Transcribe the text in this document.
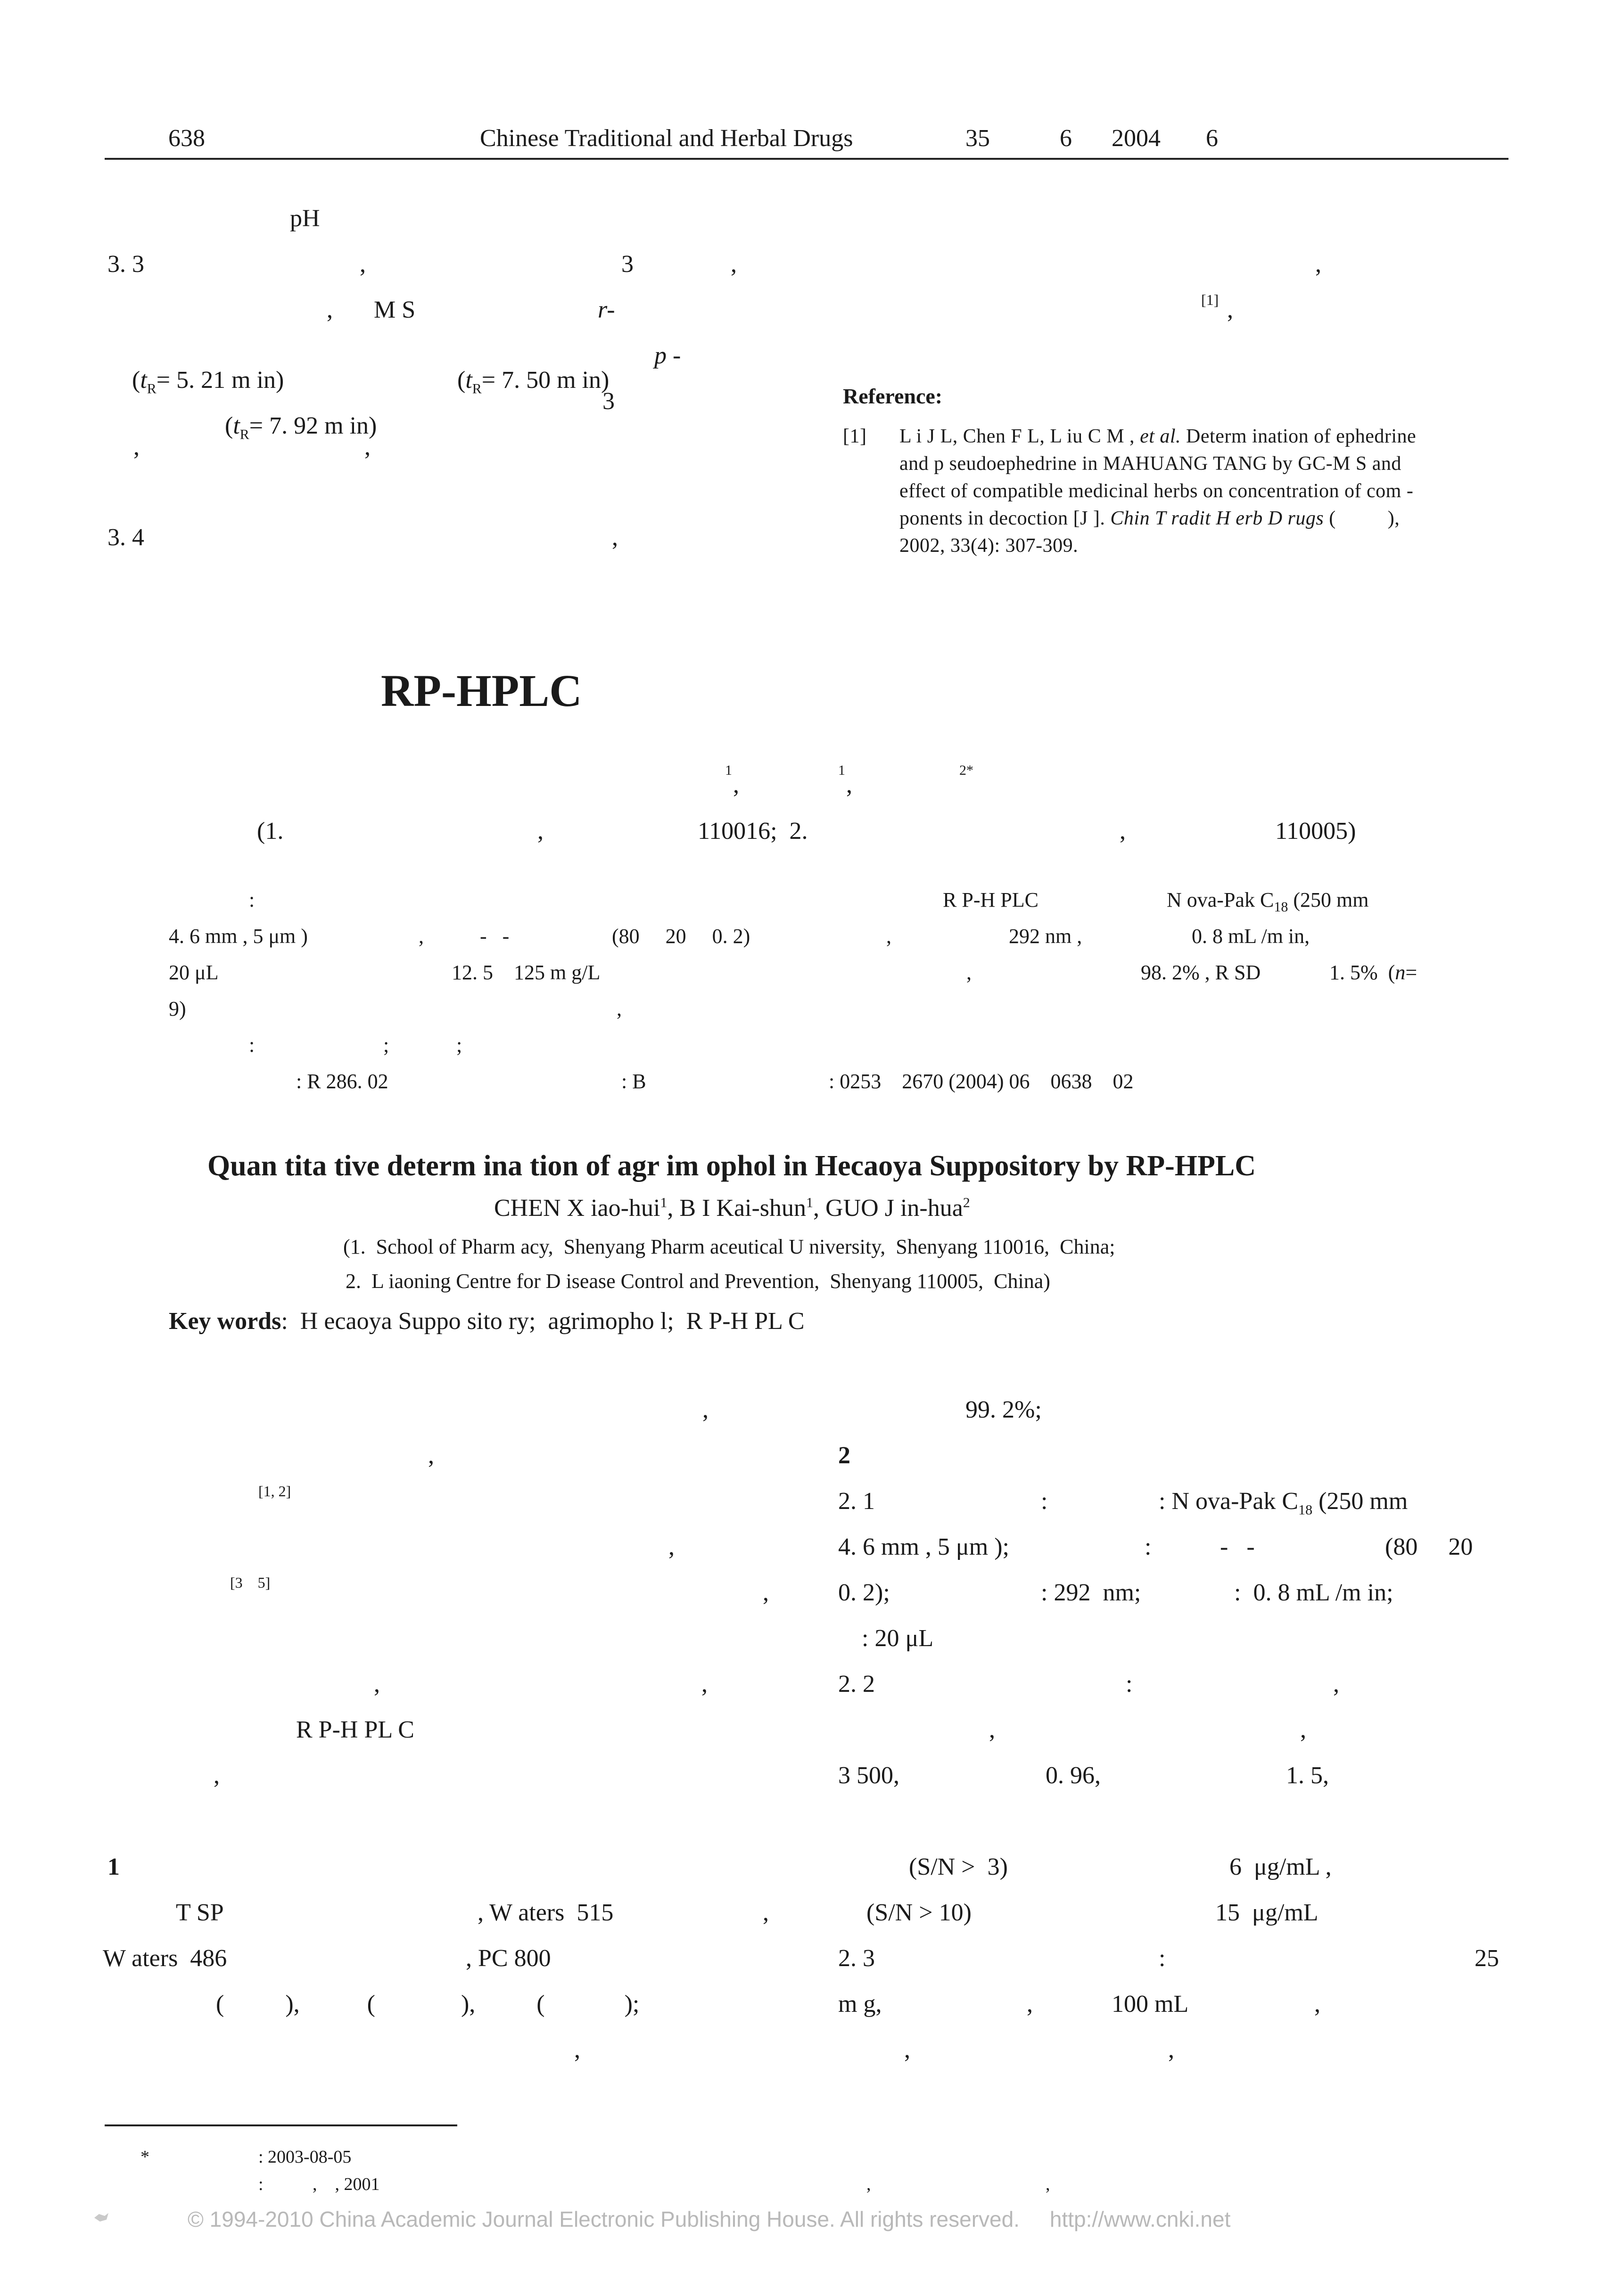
638	Chinese Traditional and Herbal Drugs	35	6 2004 6
pH
3. 3	,	3	,
, M S	r-

($t_R= 5$. 21 m in)
	($t_R= 7$. 50 m in)

p -

($t_R= 7$. 92 m in)

3
,	,
3. 4	,
,
[1] ,
Reference:
[1] L i J L, Chen F L, L iu C M , et al. Determ ination of ephedrine
and p seudoephedrine in MAHUANG TANG by GC-M S and
effect of compatible medicinal herbs on concentration of com -
ponents in decoction [J ]. Chin T radit H erb D rugs (          ),
2002, 33(4): 307-309.
RP-HPLC
1
,
1
,
2*
(1.	,	110016;  2.	,	110005)
:	R P-H PLC	N ova-Pak $C_{18}$ (250 mm
4. 6 mm , 5 μm )	,	-   -	(80     20     0. 2)	,	292 nm ,	0. 8 mL /m in,
20 μL	12. 5    125 m g/L	,	98. 2% , R SD	1. 5%  (n=
9)	,
:	;	;
: R 286. 02	: B	: 0253    2670 (2004) 06    0638    02
Quan tita tive determ ina tion of agr im ophol in Hecaoya Suppository by RP-HPLC
CHEN X iao-hui$^1$, B I Kai-shun$^1$, GUO J in-hua$^2$
(1.  School of Pharm acy,  Shenyang Pharm aceutical U niversity,  Shenyang 110016,  China;
2.  L iaoning Centre for D isease Control and Prevention,  Shenyang 110005,  China)
Key words:  H ecaoya Suppo sito ry;  agrimopho l;  R P-H PL C
,
,
[1, 2]
,
[3    5]	,
,	,
R P-H PL C
,
1
T SP	, W aters  515	,
W aters  486	, PC 800
(          ),           (              ),          (             );
,
99. 2%;
2
2. 1	:	: N ova-Pak $C_{18}$ (250 mm
4. 6 mm , 5 μm );	:	-   -	(80     20
0. 2);	: 292  nm;	:  0. 8 mL /m in;
: 20 μL
2. 2	:	,
,	,
3 500,	0. 96,	1. 5,
(S/N >  3)	6  μg/mL ,
(S/N > 10)	15  μg/mL
2. 3	:	25
m g,	,	100 mL	,
,	,
*	: 2003-08-05
:           ,    , 2001	,	,

© 1994-2010 China Academic Journal Electronic Publishing House. All rights reserved.     http://www.cnki.net
